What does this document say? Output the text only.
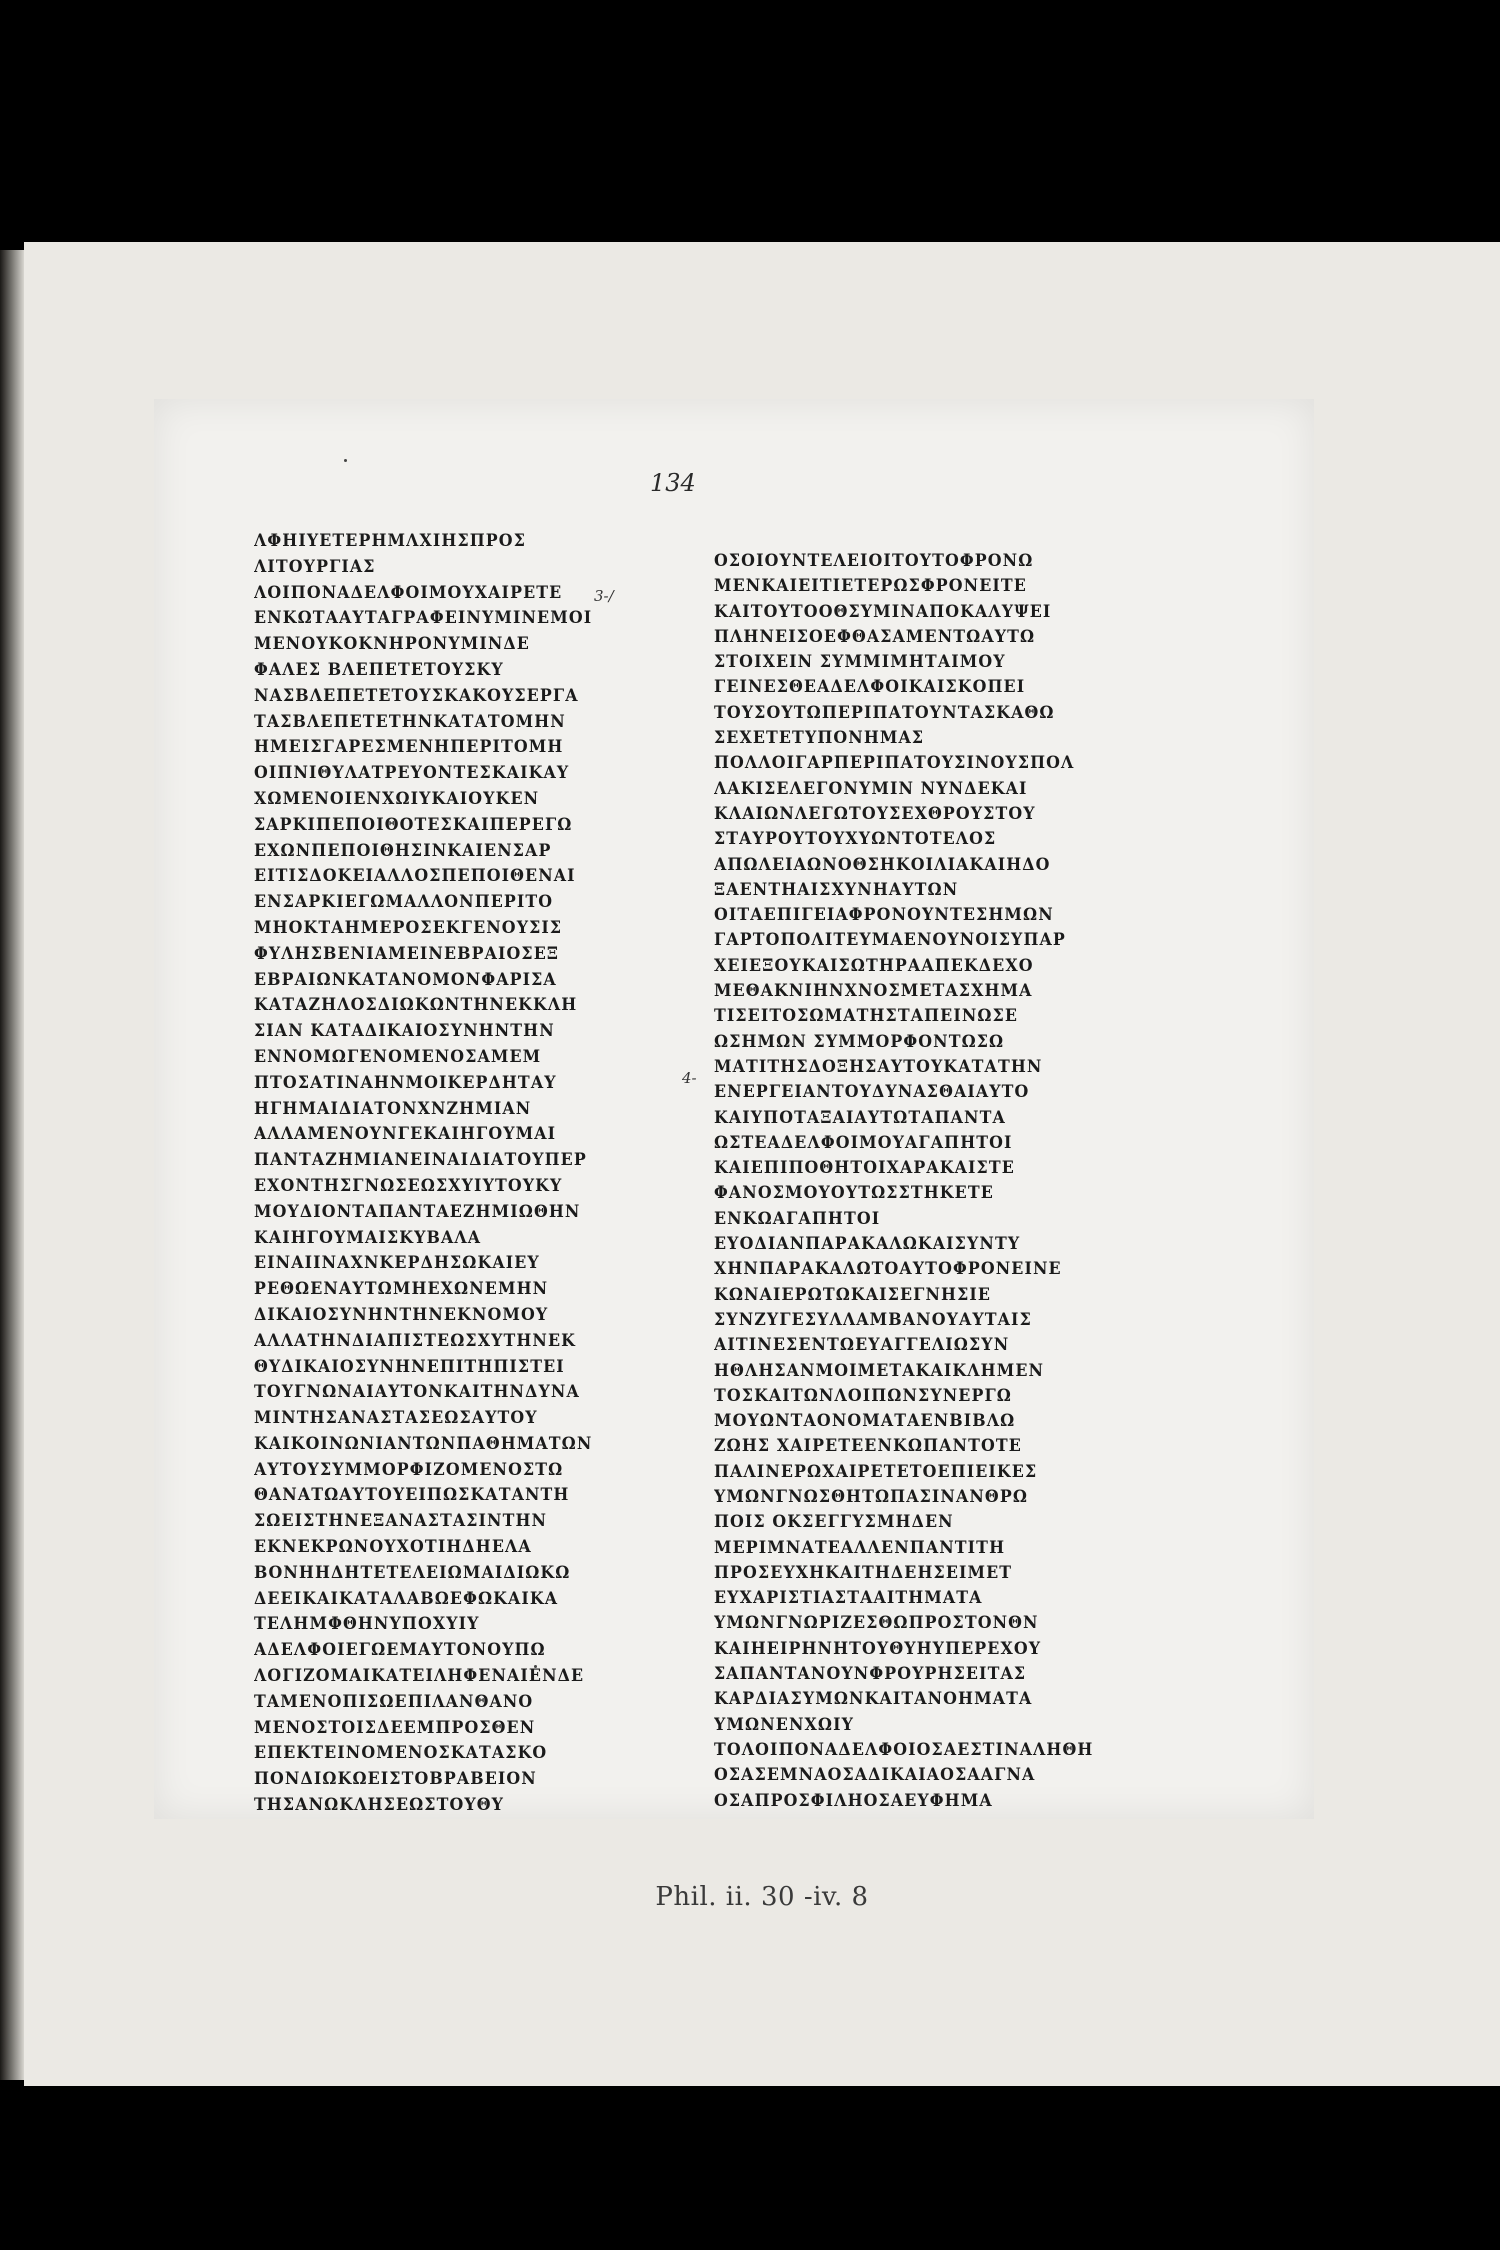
134
3-/
4-
ΛΦΗΙΥΕΤΕΡΗΜΛΧΙΗΣΠΡΟΣ
ΛΙΤΟΥΡΓΙΑΣ
ΛΟΙΠΟΝΑΔΕΛΦΟΙΜΟΥΧΑΙΡΕΤΕ
ΕΝΚΩΤΑΑΥΤΑΓΡΑΦΕΙΝΥΜΙΝΕΜΟΙ
ΜΕΝΟΥΚΟΚΝΗΡΟΝΥΜΙΝΔΕ
ΦΑΛΕΣ ΒΛΕΠΕΤΕΤΟΥΣΚΥ
ΝΑΣΒΛΕΠΕΤΕΤΟΥΣΚΑΚΟΥΣΕΡΓΑ
ΤΑΣΒΛΕΠΕΤΕΤΗΝΚΑΤΑΤΟΜΗΝ
ΗΜΕΙΣΓΑΡΕΣΜΕΝΗΠΕΡΙΤΟΜΗ
ΟΙΠΝΙΘΥΛΑΤΡΕΥΟΝΤΕΣΚΑΙΚΑΥ
ΧΩΜΕΝΟΙΕΝΧΩΙΥΚΑΙΟΥΚΕΝ
ΣΑΡΚΙΠΕΠΟΙΘΟΤΕΣΚΑΙΠΕΡΕΓΩ
ΕΧΩΝΠΕΠΟΙΘΗΣΙΝΚΑΙΕΝΣΑΡ
ΕΙΤΙΣΔΟΚΕΙΑΛΛΟΣΠΕΠΟΙΘΕΝΑΙ
ΕΝΣΑΡΚΙΕΓΩΜΑΛΛΟΝΠΕΡΙΤΟ
ΜΗΟΚΤΑΗΜΕΡΟΣΕΚΓΕΝΟΥΣΙΣ
ΦΥΛΗΣΒΕΝΙΑΜΕΙΝΕΒΡΑΙΟΣΕΞ
ΕΒΡΑΙΩΝΚΑΤΑΝΟΜΟΝΦΑΡΙΣΑ
ΚΑΤΑΖΗΛΟΣΔΙΩΚΩΝΤΗΝΕΚΚΛΗ
ΣΙΑΝ ΚΑΤΑΔΙΚΑΙΟΣΥΝΗΝΤΗΝ
ΕΝΝΟΜΩΓΕΝΟΜΕΝΟΣΑΜΕΜ
ΠΤΟΣΑΤΙΝΑΗΝΜΟΙΚΕΡΔΗΤΑΥ
ΗΓΗΜΑΙΔΙΑΤΟΝΧΝΖΗΜΙΑΝ
ΑΛΛΑΜΕΝΟΥΝΓΕΚΑΙΗΓΟΥΜΑΙ
ΠΑΝΤΑΖΗΜΙΑΝΕΙΝΑΙΔΙΑΤΟΥΠΕΡ
ΕΧΟΝΤΗΣΓΝΩΣΕΩΣΧΥΙΥΤΟΥΚΥ
ΜΟΥΔΙΟΝΤΑΠΑΝΤΑΕΖΗΜΙΩΘΗΝ
ΚΑΙΗΓΟΥΜΑΙΣΚΥΒΑΛΑ
ΕΙΝΑΙΙΝΑΧΝΚΕΡΔΗΣΩΚΑΙΕΥ
ΡΕΘΩΕΝΑΥΤΩΜΗΕΧΩΝΕΜΗΝ
ΔΙΚΑΙΟΣΥΝΗΝΤΗΝΕΚΝΟΜΟΥ
ΑΛΛΑΤΗΝΔΙΑΠΙΣΤΕΩΣΧΥΤΗΝΕΚ
ΘΥΔΙΚΑΙΟΣΥΝΗΝΕΠΙΤΗΠΙΣΤΕΙ
ΤΟΥΓΝΩΝΑΙΑΥΤΟΝΚΑΙΤΗΝΔΥΝΑ
ΜΙΝΤΗΣΑΝΑΣΤΑΣΕΩΣΑΥΤΟΥ
ΚΑΙΚΟΙΝΩΝΙΑΝΤΩΝΠΑΘΗΜΑΤΩΝ
ΑΥΤΟΥΣΥΜΜΟΡΦΙΖΟΜΕΝΟΣΤΩ
ΘΑΝΑΤΩΑΥΤΟΥΕΙΠΩΣΚΑΤΑΝΤΗ
ΣΩΕΙΣΤΗΝΕΞΑΝΑΣΤΑΣΙΝΤΗΝ
ΕΚΝΕΚΡΩΝΟΥΧΟΤΙΗΔΗΕΛΑ
ΒΟΝΗΗΔΗΤΕΤΕΛΕΙΩΜΑΙΔΙΩΚΩ
ΔΕΕΙΚΑΙΚΑΤΑΛΑΒΩΕΦΩΚΑΙΚΑ
ΤΕΛΗΜΦΘΗΝΥΠΟΧΥΙΥ
ΑΔΕΛΦΟΙΕΓΩΕΜΑΥΤΟΝΟΥΠΩ
ΛΟΓΙΖΟΜΑΙΚΑΤΕΙΛΗΦΕΝΑΙΕΝΔΕ
ΤΑΜΕΝΟΠΙΣΩΕΠΙΛΑΝΘΑΝΟ
ΜΕΝΟΣΤΟΙΣΔΕΕΜΠΡΟΣΘΕΝ
ΕΠΕΚΤΕΙΝΟΜΕΝΟΣΚΑΤΑΣΚΟ
ΠΟΝΔΙΩΚΩΕΙΣΤΟΒΡΑΒΕΙΟΝ
ΤΗΣΑΝΩΚΛΗΣΕΩΣΤΟΥΘΥ
ΟΣΟΙΟΥΝΤΕΛΕΙΟΙΤΟΥΤΟΦΡΟΝΩ
ΜΕΝΚΑΙΕΙΤΙΕΤΕΡΩΣΦΡΟΝΕΙΤΕ
ΚΑΙΤΟΥΤΟΟΘΣΥΜΙΝΑΠΟΚΑΛΥΨΕΙ
ΠΛΗΝΕΙΣΟΕΦΘΑΣΑΜΕΝΤΩΑΥΤΩ
ΣΤΟΙΧΕΙΝ ΣΥΜΜΙΜΗΤΑΙΜΟΥ
ΓΕΙΝΕΣΘΕΑΔΕΛΦΟΙΚΑΙΣΚΟΠΕΙ
ΤΟΥΣΟΥΤΩΠΕΡΙΠΑΤΟΥΝΤΑΣΚΑΘΩ
ΣΕΧΕΤΕΤΥΠΟΝΗΜΑΣ
ΠΟΛΛΟΙΓΑΡΠΕΡΙΠΑΤΟΥΣΙΝΟΥΣΠΟΛ
ΛΑΚΙΣΕΛΕΓΟΝΥΜΙΝ ΝΥΝΔΕΚΑΙ
ΚΛΑΙΩΝΛΕΓΩΤΟΥΣΕΧΘΡΟΥΣΤΟΥ
ΣΤΑΥΡΟΥΤΟΥΧΥΩΝΤΟΤΕΛΟΣ
ΑΠΩΛΕΙΑΩΝΟΘΣΗΚΟΙΛΙΑΚΑΙΗΔΟ
ΞΑΕΝΤΗΑΙΣΧΥΝΗΑΥΤΩΝ
ΟΙΤΑΕΠΙΓΕΙΑΦΡΟΝΟΥΝΤΕΣΗΜΩΝ
ΓΑΡΤΟΠΟΛΙΤΕΥΜΑΕΝΟΥΝΟΙΣΥΠΑΡ
ΧΕΙΕΞΟΥΚΑΙΣΩΤΗΡΑΑΠΕΚΔΕΧΟ
ΜΕΘΑΚΝΙΗΝΧΝΟΣΜΕΤΑΣΧΗΜΑ
ΤΙΣΕΙΤΟΣΩΜΑΤΗΣΤΑΠΕΙΝΩΣΕ
ΩΣΗΜΩΝ ΣΥΜΜΟΡΦΟΝΤΩΣΩ
ΜΑΤΙΤΗΣΔΟΞΗΣΑΥΤΟΥΚΑΤΑΤΗΝ
ΕΝΕΡΓΕΙΑΝΤΟΥΔΥΝΑΣΘΑΙΑΥΤΟ
ΚΑΙΥΠΟΤΑΞΑΙΑΥΤΩΤΑΠΑΝΤΑ
ΩΣΤΕΑΔΕΛΦΟΙΜΟΥΑΓΑΠΗΤΟΙ
ΚΑΙΕΠΙΠΟΘΗΤΟΙΧΑΡΑΚΑΙΣΤΕ
ΦΑΝΟΣΜΟΥΟΥΤΩΣΣΤΗΚΕΤΕ
ΕΝΚΩΑΓΑΠΗΤΟΙ
ΕΥΟΔΙΑΝΠΑΡΑΚΑΛΩΚΑΙΣΥΝΤΥ
ΧΗΝΠΑΡΑΚΑΛΩΤΟΑΥΤΟΦΡΟΝΕΙΝΕ
ΚΩΝΑΙΕΡΩΤΩΚΑΙΣΕΓΝΗΣΙΕ
ΣΥΝΖΥΓΕΣΥΛΛΑΜΒΑΝΟΥΑΥΤΑΙΣ
ΑΙΤΙΝΕΣΕΝΤΩΕΥΑΓΓΕΛΙΩΣΥΝ
ΗΘΛΗΣΑΝΜΟΙΜΕΤΑΚΑΙΚΛΗΜΕΝ
ΤΟΣΚΑΙΤΩΝΛΟΙΠΩΝΣΥΝΕΡΓΩ
ΜΟΥΩΝΤΑΟΝΟΜΑΤΑΕΝΒΙΒΛΩ
ΖΩΗΣ ΧΑΙΡΕΤΕΕΝΚΩΠΑΝΤΟΤΕ
ΠΑΛΙΝΕΡΩΧΑΙΡΕΤΕΤΟΕΠΙΕΙΚΕΣ
ΥΜΩΝΓΝΩΣΘΗΤΩΠΑΣΙΝΑΝΘΡΩ
ΠΟΙΣ ΟΚΣΕΓΓΥΣΜΗΔΕΝ
ΜΕΡΙΜΝΑΤΕΑΛΛΕΝΠΑΝΤΙΤΗ
ΠΡΟΣΕΥΧΗΚΑΙΤΗΔΕΗΣΕΙΜΕΤ
ΕΥΧΑΡΙΣΤΙΑΣΤΑΑΙΤΗΜΑΤΑ
ΥΜΩΝΓΝΩΡΙΖΕΣΘΩΠΡΟΣΤΟΝΘΝ
ΚΑΙΗΕΙΡΗΝΗΤΟΥΘΥΗΥΠΕΡΕΧΟΥ
ΣΑΠΑΝΤΑΝΟΥΝΦΡΟΥΡΗΣΕΙΤΑΣ
ΚΑΡΔΙΑΣΥΜΩΝΚΑΙΤΑΝΟΗΜΑΤΑ
ΥΜΩΝΕΝΧΩΙΥ
ΤΟΛΟΙΠΟΝΑΔΕΛΦΟΙΟΣΑΕΣΤΙΝΑΛΗΘΗ
ΟΣΑΣΕΜΝΑΟΣΑΔΙΚΑΙΑΟΣΑΑΓΝΑ
ΟΣΑΠΡΟΣΦΙΛΗΟΣΑΕΥΦΗΜΑ
Phil. ii. 30 -iv. 8
